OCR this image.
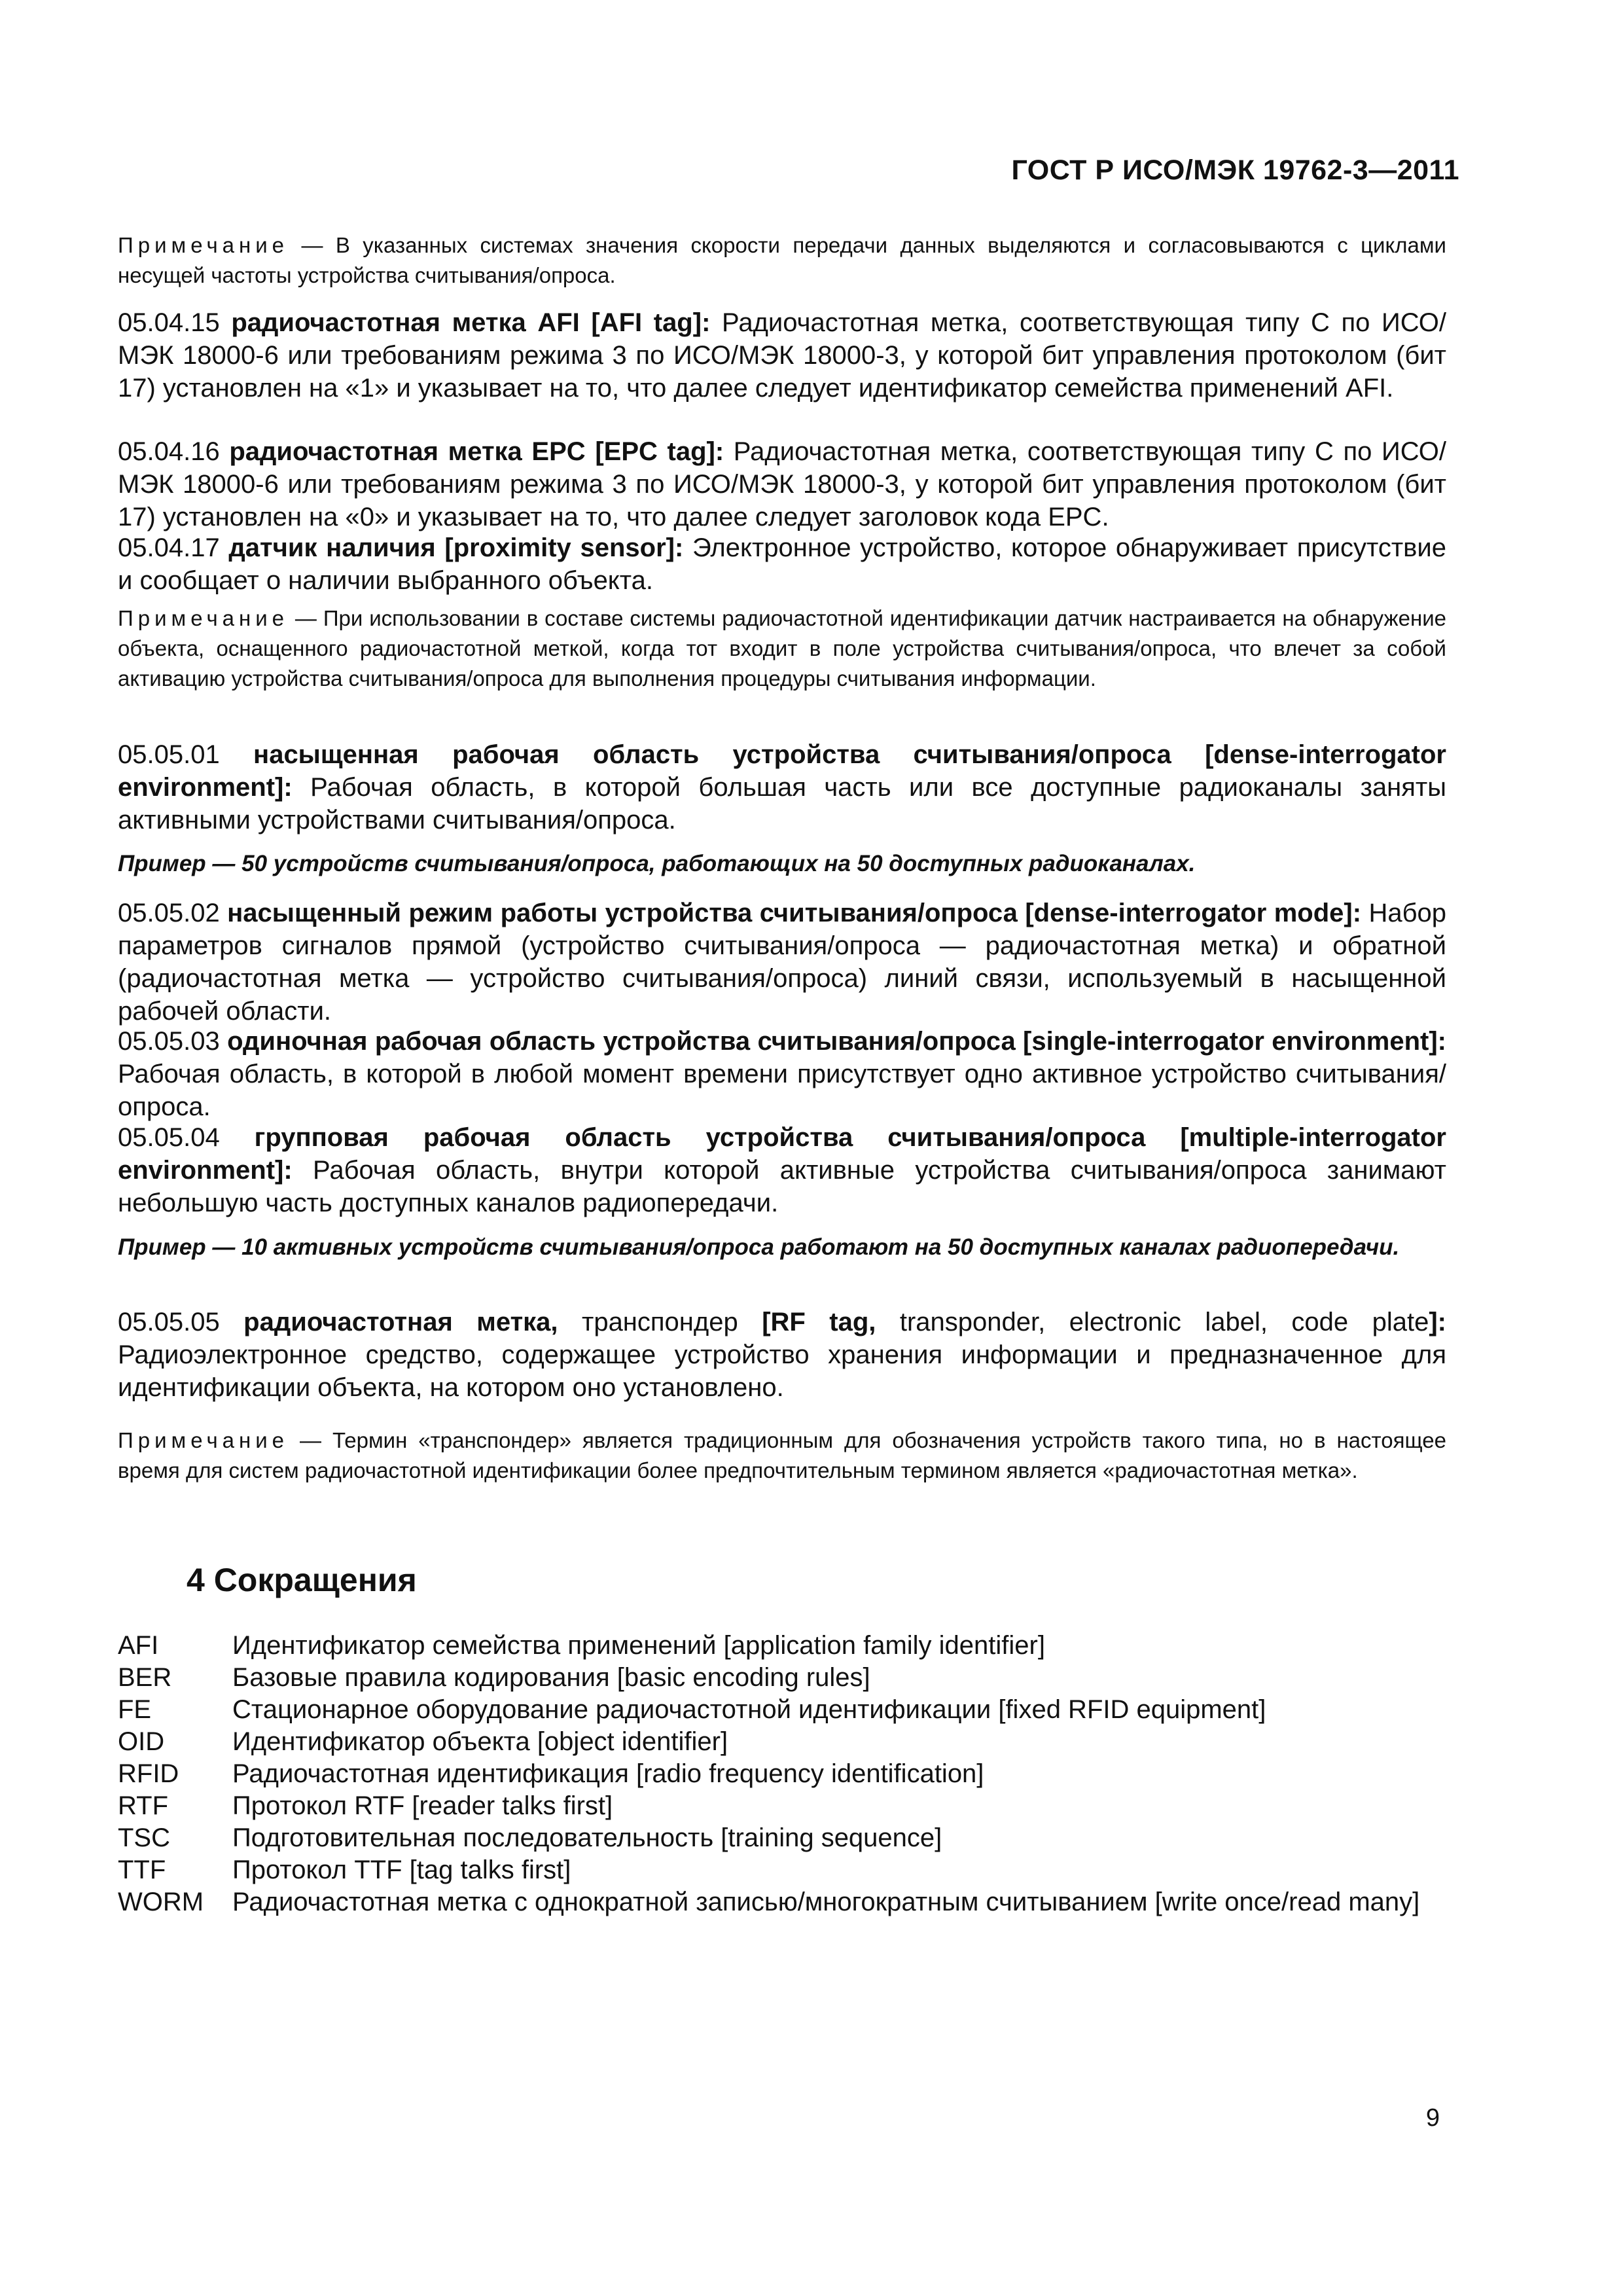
ГОСТ Р ИСО/МЭК 19762-3—2011
Примечание — В указанных системах значения скорости передачи данных выделяются и согласовываются с циклами несущей частоты устройства считывания/опроса.
05.04.15 радиочастотная метка AFI [AFI tag]: Радиочастотная метка, соответствующая типу С по ИСО/МЭК 18000-6 или требованиям режима 3 по ИСО/МЭК 18000-3, у которой бит управления протоколом (бит 17) установлен на «1» и указывает на то, что далее следует идентификатор семейства применений AFI.
05.04.16 радиочастотная метка EPC [EPC tag]: Радиочастотная метка, соответствующая типу С по ИСО/МЭК 18000-6 или требованиям режима 3 по ИСО/МЭК 18000-3, у которой бит управления протоколом (бит 17) установлен на «0» и указывает на то, что далее следует заголовок кода EPC.
05.04.17 датчик наличия [proximity sensor]: Электронное устройство, которое обнаруживает присутствие и сообщает о наличии выбранного объекта.
Примечание — При использовании в составе системы радиочастотной идентификации датчик настраивается на обнаружение объекта, оснащенного радиочастотной меткой, когда тот входит в поле устройства считывания/опроса, что влечет за собой активацию устройства считывания/опроса для выполнения процедуры считывания информации.
05.05.01 насыщенная рабочая область устройства считывания/опроса [dense-interrogator environment]: Рабочая область, в которой большая часть или все доступные радиоканалы заняты активными устройствами считывания/опроса.
Пример — 50 устройств считывания/опроса, работающих на 50 доступных радиоканалах.
05.05.02 насыщенный режим работы устройства считывания/опроса [dense-interrogator mode]: Набор параметров сигналов прямой (устройство считывания/опроса — радиочастотная метка) и обратной (радиочастотная метка — устройство считывания/опроса) линий связи, используемый в насыщенной рабочей области.
05.05.03 одиночная рабочая область устройства считывания/опроса [single-interrogator environment]: Рабочая область, в которой в любой момент времени присутствует одно активное устройство считывания/опроса.
05.05.04 групповая рабочая область устройства считывания/опроса [multiple-interrogator environment]: Рабочая область, внутри которой активные устройства считывания/опроса занимают небольшую часть доступных каналов радиопередачи.
Пример — 10 активных устройств считывания/опроса работают на 50 доступных каналах радиопередачи.
05.05.05 радиочастотная метка, транспондер [RF tag, transponder, electronic label, code plate]: Радиоэлектронное средство, содержащее устройство хранения информации и предназначенное для идентификации объекта, на котором оно установлено.
Примечание — Термин «транспондер» является традиционным для обозначения устройств такого типа, но в настоящее время для систем радиочастотной идентификации более предпочтительным термином является «радиочастотная метка».
4 Сокращения
AFI	Идентификатор семейства применений [application family identifier]
BER	Базовые правила кодирования [basic encoding rules]
FE	Стационарное оборудование радиочастотной идентификации [fixed RFID equipment]
OID	Идентификатор объекта [object identifier]
RFID	Радиочастотная идентификация [radio frequency identification]
RTF	Протокол RTF [reader talks first]
TSC	Подготовительная последовательность [training sequence]
TTF	Протокол TTF [tag talks first]
WORM	Радиочастотная метка с однократной записью/многократным считыванием [write once/read many]
9
